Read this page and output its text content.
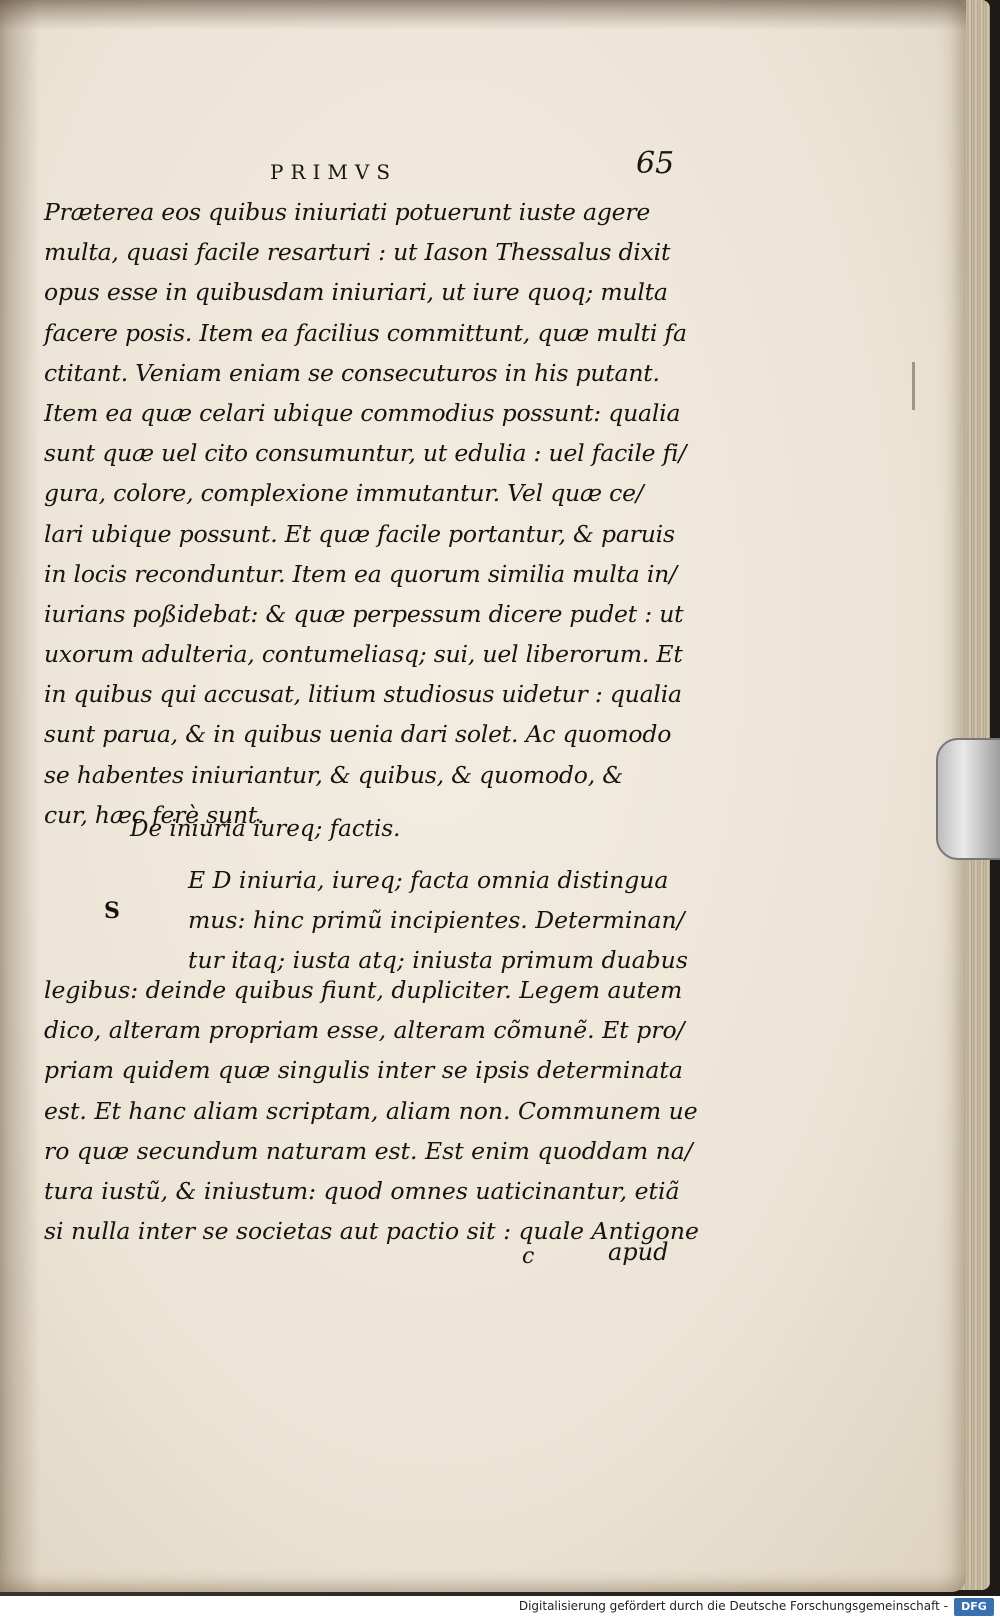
PRIMVS	65
Præterea eos quibus iniuriati potuerunt iuste agere
multa, quasi facile resarturi : ut Iason Thessalus dixit
opus esse in quibusdam iniuriari, ut iure quoq; multa
facere posis. Item ea facilius committunt, quæ multi fa
ctitant. Veniam eniam se consecuturos in his putant.
Item ea quæ celari ubique commodius possunt: qualia
sunt quæ uel cito consumuntur, ut edulia : uel facile fi/
gura, colore, complexione immutantur. Vel quæ ce/
lari ubique possunt. Et quæ facile portantur, & paruis
in locis reconduntur. Item ea quorum similia multa in/
iurians poßidebat: & quæ perpessum dicere pudet : ut
uxorum adulteria, contumeliasq; sui, uel liberorum. Et
in quibus qui accusat, litium studiosus uidetur : qualia
sunt parua, & in quibus uenia dari solet. Ac quomodo
se habentes iniuriantur, & quibus, & quomodo, &
cur, hæc ferè sunt.
De iniuria iureq; factis.
S
E D iniuria, iureq; facta omnia distingua
mus: hinc primũ incipientes. Determinan/
tur itaq; iusta atq; iniusta primum duabus
legibus: deinde quibus fiunt, dupliciter. Legem autem
dico, alteram propriam esse, alteram cõmunẽ. Et pro/
priam quidem quæ singulis inter se ipsis determinata
est. Et hanc aliam scriptam, aliam non. Communem ue
ro quæ secundum naturam est. Est enim quoddam na/
tura iustũ, & iniustum: quod omnes uaticinantur, etiã
si nulla inter se societas aut pactio sit : quale Antigone
c	apud
Digitalisierung gefördert durch die Deutsche Forschungsgemeinschaft -	DFG
